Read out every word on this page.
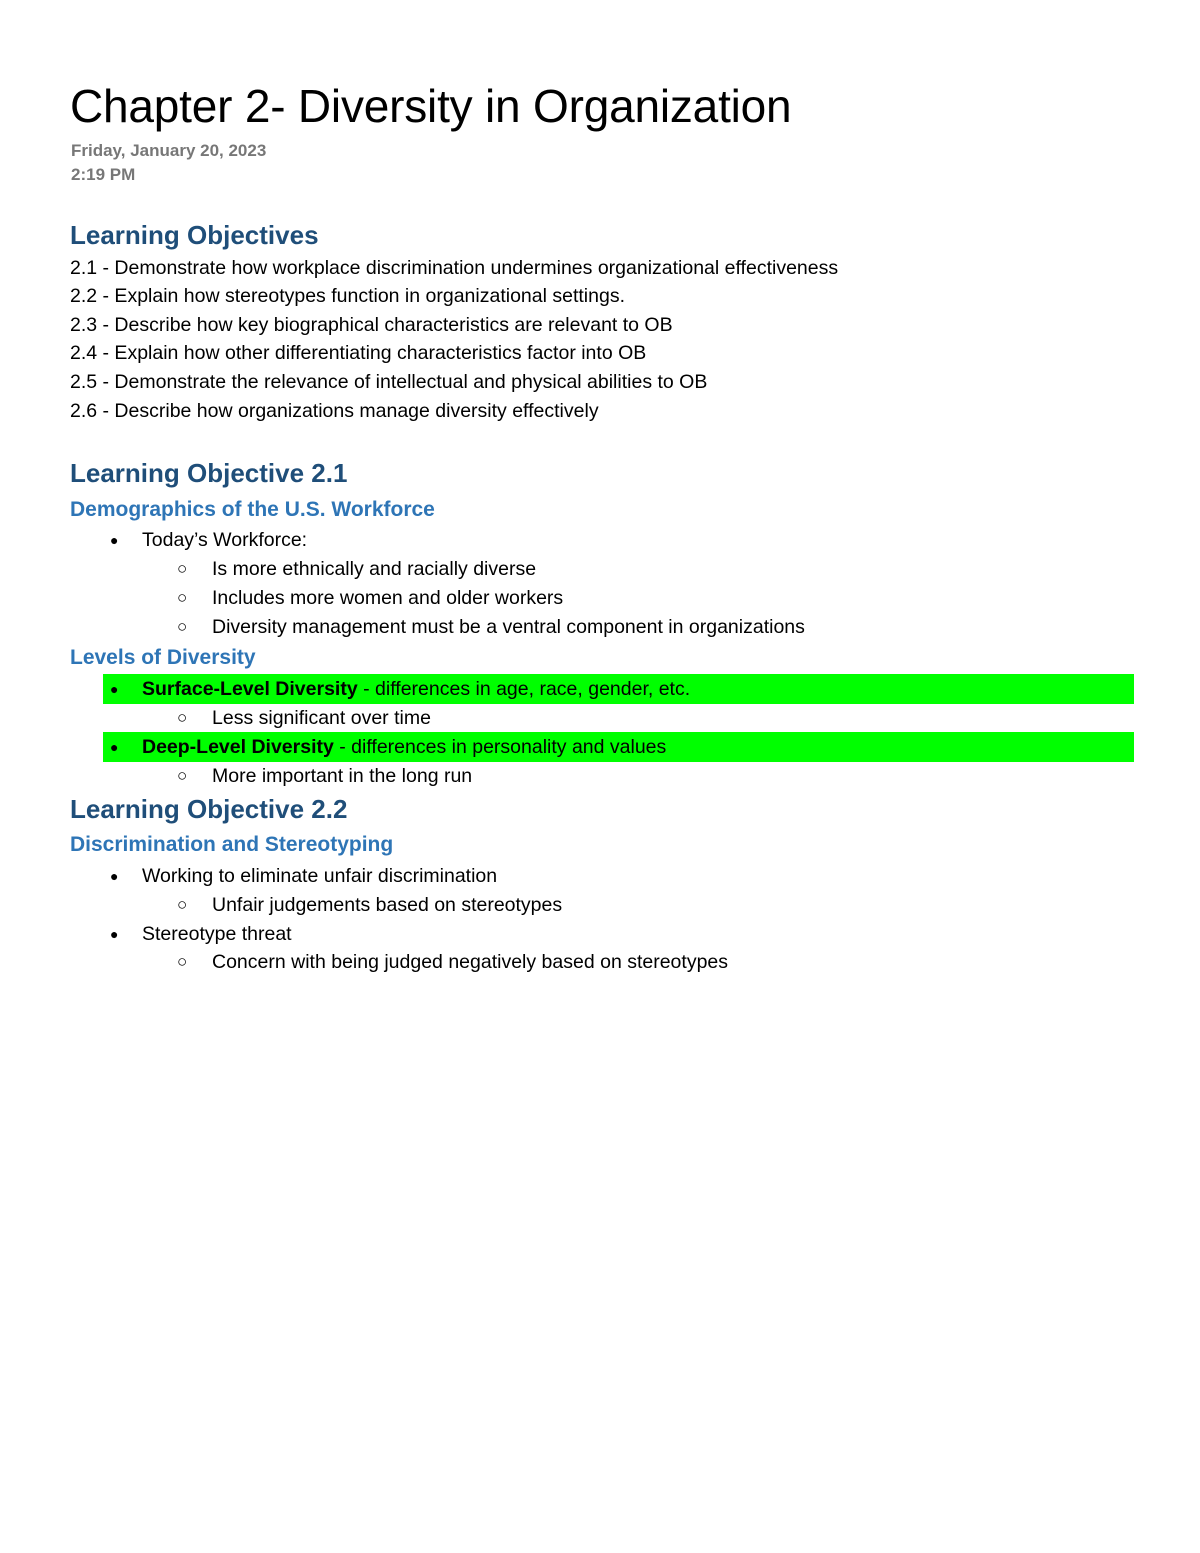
Chapter 2- Diversity in Organization
Friday, January 20, 2023
2:19 PM
Learning Objectives
2.1 - Demonstrate how workplace discrimination undermines organizational effectiveness
2.2 - Explain how stereotypes function in organizational settings.
2.3 - Describe how key biographical characteristics are relevant to OB
2.4 - Explain how other differentiating characteristics factor into OB
2.5 - Demonstrate the relevance of intellectual and physical abilities to OB
2.6 - Describe how organizations manage diversity effectively
Learning Objective 2.1
Demographics of the U.S. Workforce
● Today’s Workforce:
○ Is more ethnically and racially diverse
○ Includes more women and older workers
○ Diversity management must be a ventral component in organizations
Levels of Diversity
● Surface-Level Diversity - differences in age, race, gender, etc.
○ Less significant over time
● Deep-Level Diversity - differences in personality and values
○ More important in the long run
Learning Objective 2.2
Discrimination and Stereotyping
● Working to eliminate unfair discrimination
○ Unfair judgements based on stereotypes
● Stereotype threat
○ Concern with being judged negatively based on stereotypes
